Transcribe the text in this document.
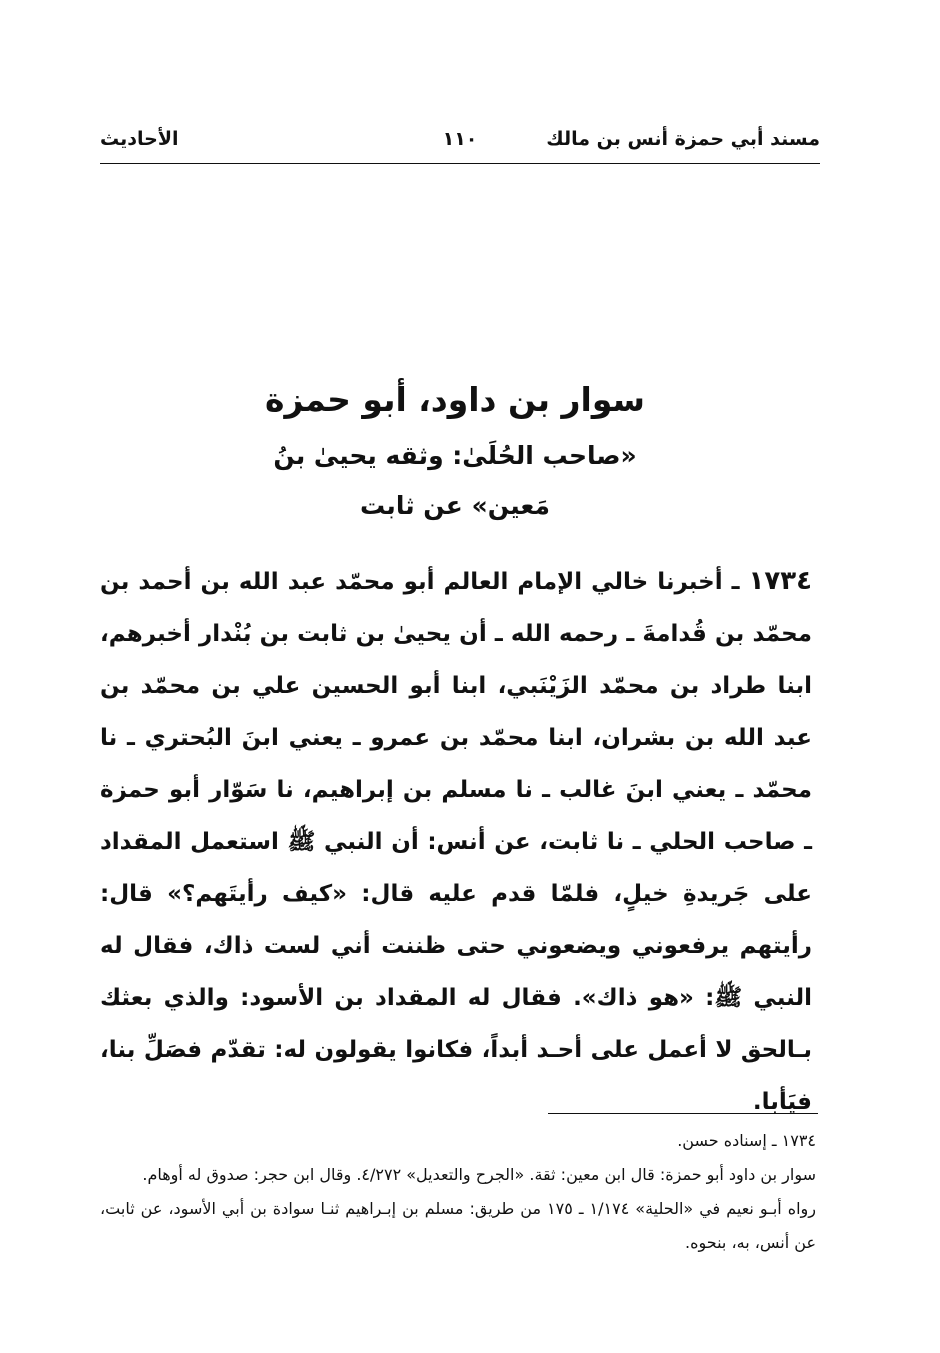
مسند أبي حمزة أنس بن مالك
١١٠
الأحاديث
سوار بن داود، أبو حمزة
«صاحب الحُلَىٰ: وثقه يحيىٰ بنُ
مَعين» عن ثابت
١٧٣٤ ـ أخبرنا خالي الإمام العالم أبو محمّد عبد الله بن أحمد بن محمّد بن قُدامةَ ـ رحمه الله ـ أن يحيىٰ بن ثابت بن بُنْدار أخبرهم، ابنا طراد بن محمّد الزَيْنَبي، ابنا أبو الحسين علي بن محمّد بن عبد الله بن بشران، ابنا محمّد بن عمرو ـ يعني ابنَ البُحتري ـ نا محمّد ـ يعني ابنَ غالب ـ نا مسلم بن إبراهيم، نا سَوّار أبو حمزة ـ صاحب الحلي ـ نا ثابت، عن أنس: أن النبي ﷺ استعمل المقداد على جَريدةِ خيلٍ، فلمّا قدم عليه قال: «كيف رأيتَهم؟» قال: رأيتهم يرفعوني ويضعوني حتى ظننت أني لست ذاك، فقال له النبي ﷺ: «هو ذاك». فقال له المقداد بن الأسود: والذي بعثك بـالحق لا أعمل على أحـد أبداً، فكانوا يقولون له: تقدّم فصَلِّ بنا، فيَأبا.

١٧٣٤ ـ إسناده حسن.

سوار بن داود أبو حمزة: قال ابن معين: ثقة. «الجرح والتعديل» ٤/٢٧٢. وقال ابن حجر: صدوق له أوهام.

رواه أبـو نعيم في «الحلية» ١/١٧٤ ـ ١٧٥ من طريق: مسلم بن إبـراهيم ثنـا سوادة بن أبي الأسود، عن ثابت، عن أنس، به، بنحوه.
